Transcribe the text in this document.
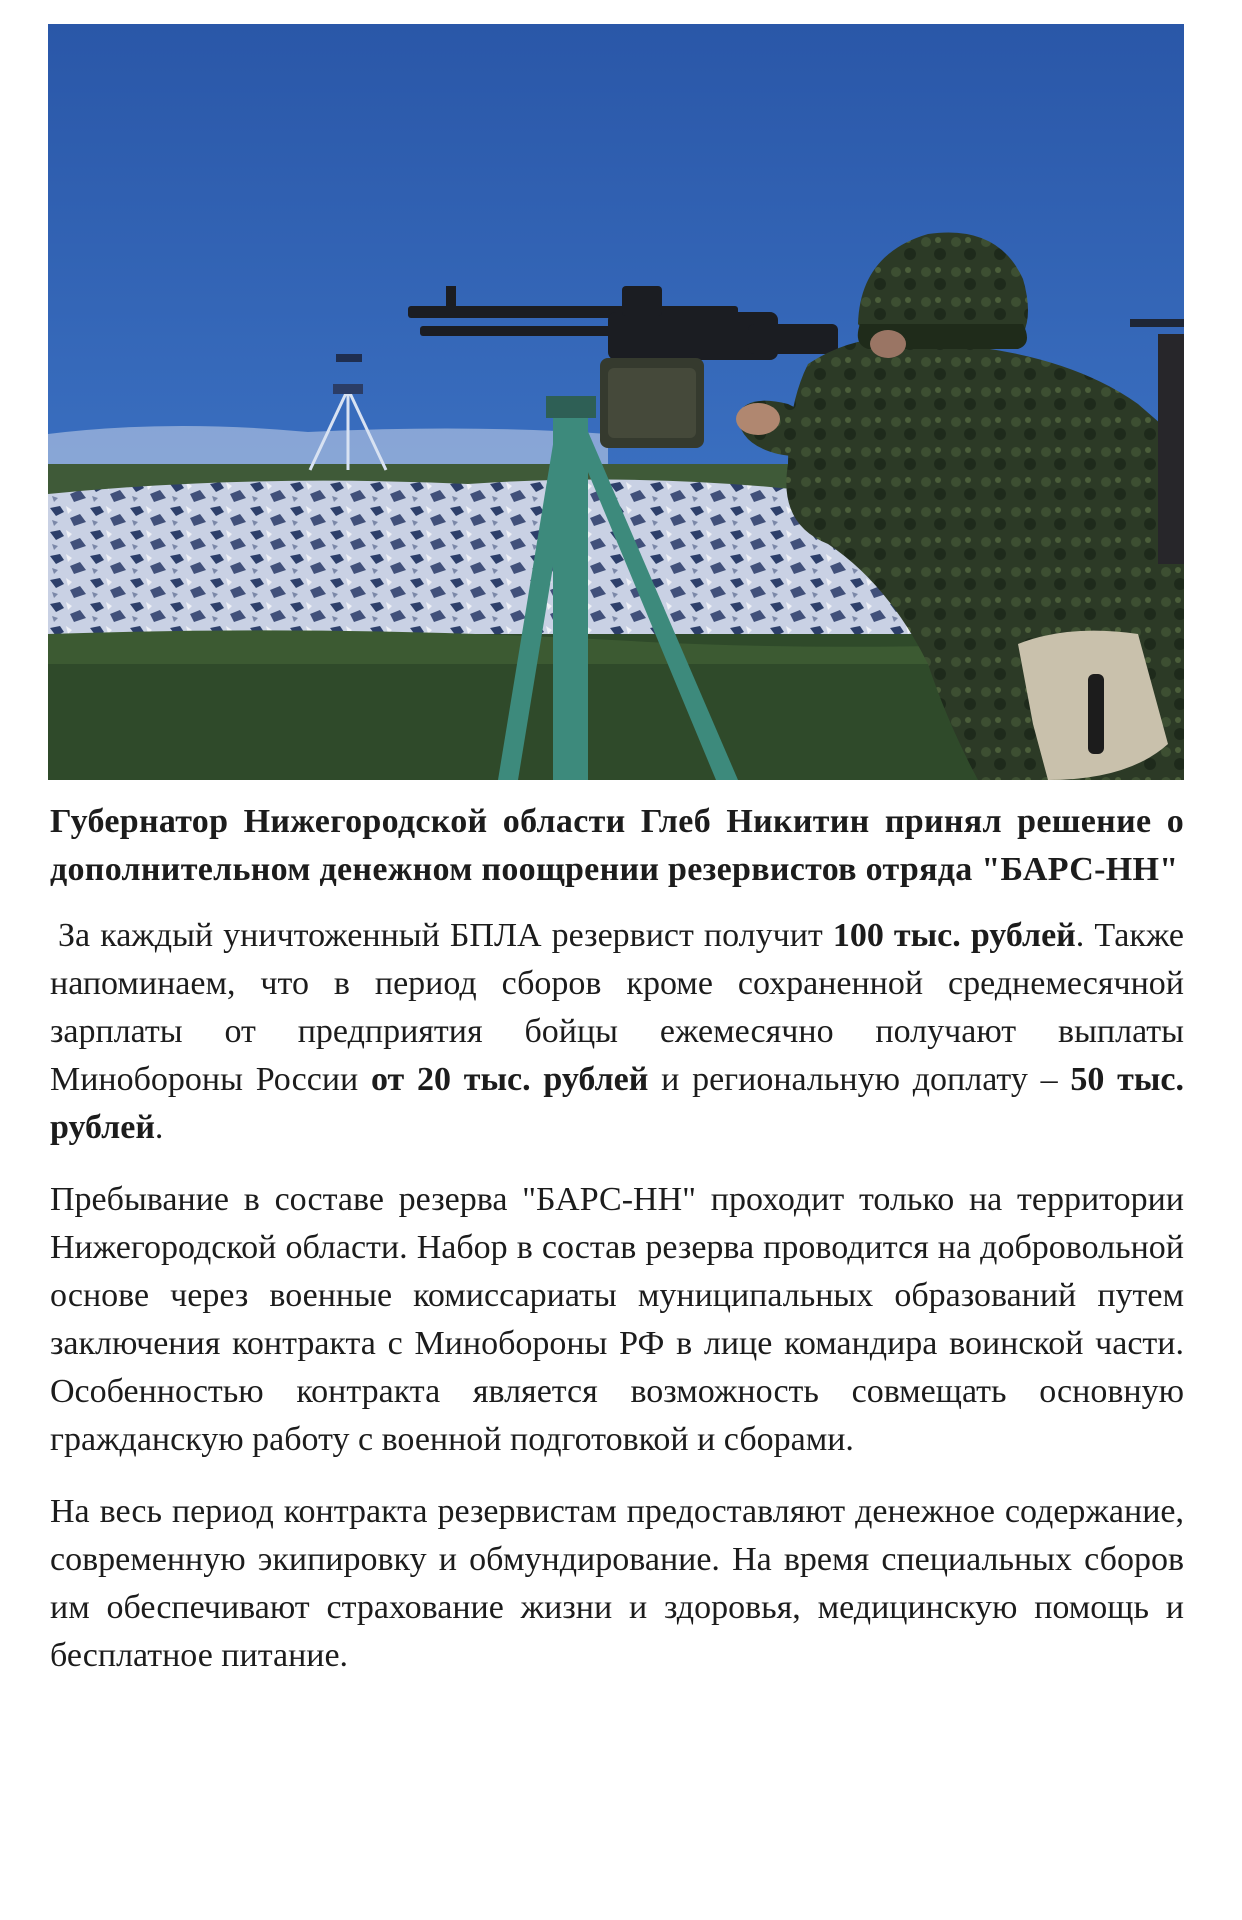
Губернатор Нижегородской области Глеб Никитин принял решение о дополнительном денежном поощрении резервистов отряда "БАРС-НН"

За каждый уничтоженный БПЛА резервист получит 100 тыс. рублей. Также напоминаем, что в период сборов кроме сохраненной среднемесячной зарплаты от предприятия бойцы ежемесячно получают выплаты Минобороны России от 20 тыс. рублей и региональную доплату – 50 тыс. рублей.

Пребывание в составе резерва "БАРС-НН" проходит только на территории Нижегородской области. Набор в состав резерва проводится на добровольной основе через военные комиссариаты муниципальных образований путем заключения контракта с Минобороны РФ в лице командира воинской части. Особенностью контракта является возможность совмещать основную гражданскую работу с военной подготовкой и сборами.

На весь период контракта резервистам предоставляют денежное содержание, современную экипировку и обмундирование. На время специальных сборов им обеспечивают страхование жизни и здоровья, медицинскую помощь и бесплатное питание.
